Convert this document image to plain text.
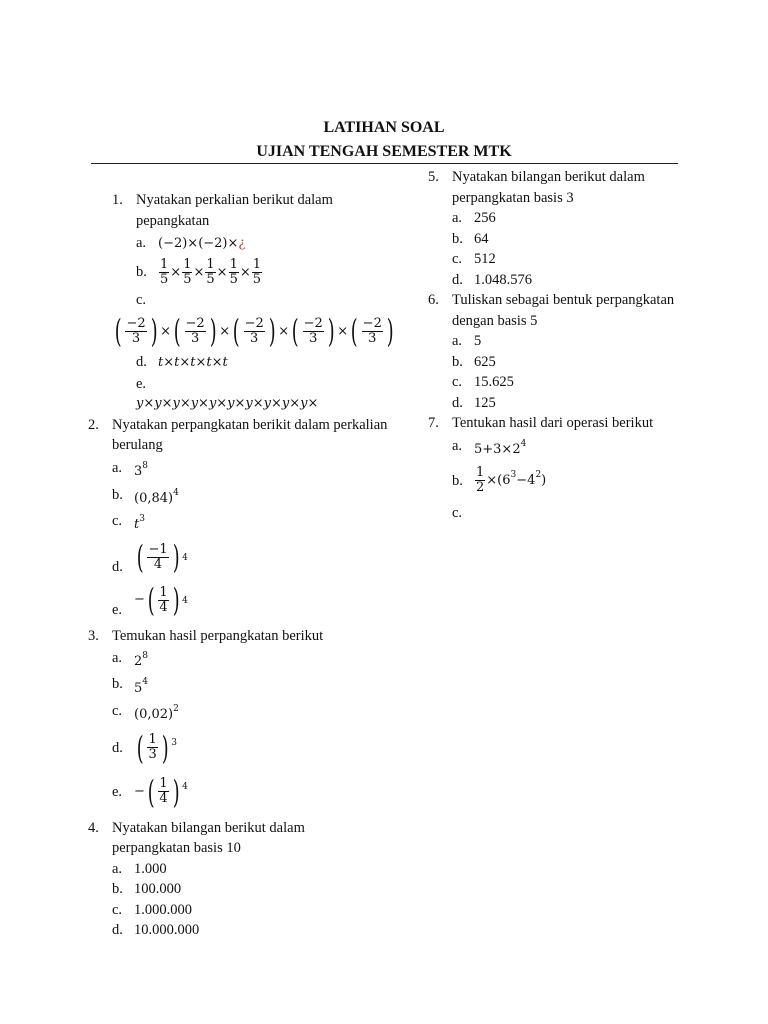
LATIHAN SOAL
UJIAN TENGAH SEMESTER MTK
1. Nyatakan perkalian berikut dalam pepangkatan
a. (−2)×(−2)×¿
b. $\frac{1}{5} \times \frac{1}{5} \times \frac{1}{5} \times \frac{1}{5} \times \frac{1}{5}$
c.

( $\frac{-2}{3}$ ) × ( $\frac{-2}{3}$ ) × ( $\frac{-2}{3}$ ) × ( $\frac{-2}{3}$ ) × ( $\frac{-2}{3}$ )
d. t×t×t×t×t
e.

y×y×y×y×y×y×y×y×y×y×
2. Nyatakan perpangkatan berikit dalam perkalian berulang
a. $3^8$
b. $(0,84)^4$
c. $t^3$
d. ( $\frac{-1}{4}$ ) 4
e.
− ( $\frac{1}{4}$ ) 4
3. Temukan hasil perpangkatan berikut
a. $2^8$
b. $5^4$
c. $(0,02)^2$
d. ( $\frac{1}{3}$ ) 3
e. − ( $\frac{1}{4}$ ) 4
4. Nyatakan bilangan berikut dalam perpangkatan basis 10
a. 1.000
b. 100.000
c. 1.000.000
d. 10.000.000
5. Nyatakan bilangan berikut dalam perpangkatan basis 3
a. 256
b. 64
c. 512
d. 1.048.576
6. Tuliskan sebagai bentuk perpangkatan dengan basis 5
a. 5
b. 625
c. 15.625
d. 125
7. Tentukan hasil dari operasi berikut
a. $5+3\times 2^4$
b. $\frac{1}{2} \times(6^3-4^2)$
c.
